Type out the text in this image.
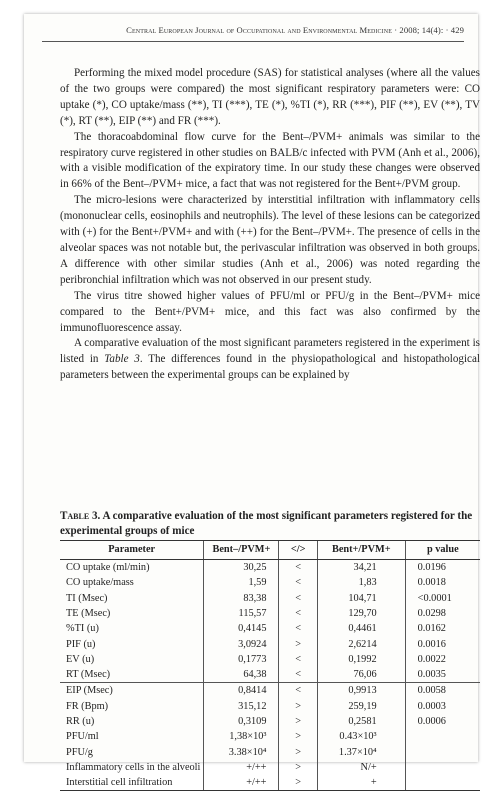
Central European Journal of Occupational and Environmental Medicine · 2008; 14(4): · 429

Performing the mixed model procedure (SAS) for statistical analyses (where all the values of the two groups were compared) the most significant respiratory parameters were: CO uptake (*), CO uptake/mass (**), TI (***), TE (*), %TI (*), RR (***), PIF (**), EV (**), TV (*), RT (**), EIP (**) and FR (***).

The thoracoabdominal flow curve for the Bent–/PVM+ animals was similar to the respiratory curve registered in other studies on BALB/c infected with PVM (Anh et al., 2006), with a visible modification of the expiratory time. In our study these changes were observed in 66% of the Bent–/PVM+ mice, a fact that was not registered for the Bent+/PVM group.

The micro-lesions were characterized by interstitial infiltration with inflammatory cells (mononuclear cells, eosinophils and neutrophils). The level of these lesions can be categorized with (+) for the Bent+/PVM+ and with (++) for the Bent–/PVM+. The presence of cells in the alveolar spaces was not notable but, the perivascular infiltration was observed in both groups. A difference with other similar studies (Anh et al., 2006) was noted regarding the peribronchial infiltration which was not observed in our present study.

The virus titre showed higher values of PFU/ml or PFU/g in the Bent–/PVM+ mice compared to the Bent+/PVM+ mice, and this fact was also confirmed by the immunofluorescence assay.

A comparative evaluation of the most significant parameters registered in the experiment is listed in Table 3. The differences found in the physiopathological and histopathological parameters between the experimental groups can be explained by

Table 3. A comparative evaluation of the most significant parameters registered for the experimental groups of mice
Parameter	Bent–/PVM+	</>	Bent+/PVM+	p value
CO uptake (ml/min)	30,25	<	34,21	0.0196
CO uptake/mass	1,59	<	1,83	0.0018
TI (Msec)	83,38	<	104,71	<0.0001
TE (Msec)	115,57	<	129,70	0.0298
%TI (u)	0,4145	<	0,4461	0.0162
PIF (u)	3,0924	>	2,6214	0.0016
EV (u)	0,1773	<	0,1992	0.0022
RT (Msec)	64,38	<	76,06	0.0035
EIP (Msec)	0,8414	<	0,9913	0.0058
FR (Bpm)	315,12	>	259,19	0.0003
RR (u)	0,3109	>	0,2581	0.0006
PFU/ml	1,38×10³	>	0.43×10³	
PFU/g	3.38×10⁴	>	1.37×10⁴	
Inflammatory cells in the alveoli	+/++	>	N/+	
Interstitial cell infiltration	+/++	>	+	
